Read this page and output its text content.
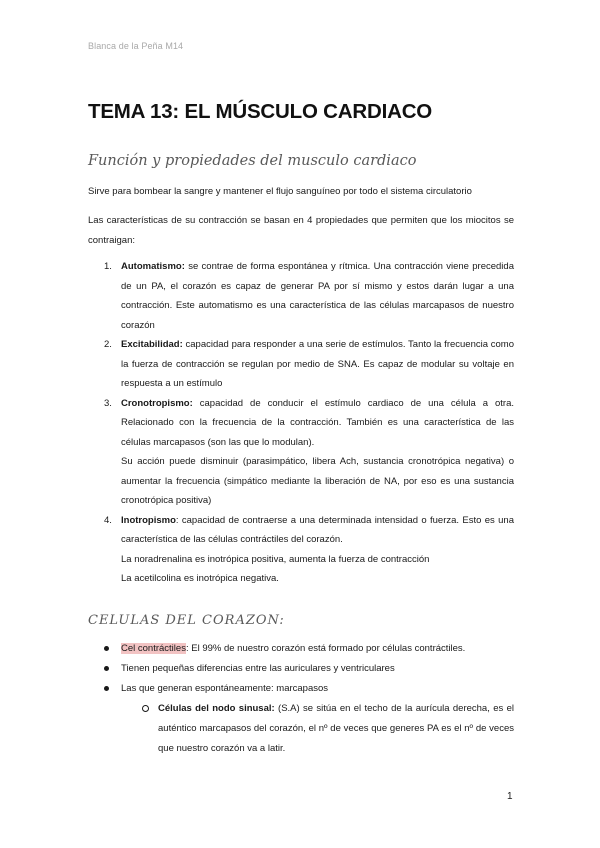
Blanca de la Peña M14
TEMA 13: EL MÚSCULO CARDIACO
Función y propiedades del musculo cardiaco
Sirve para bombear la sangre y mantener el flujo sanguíneo por todo el sistema circulatorio
Las características de su contracción se basan en 4 propiedades que permiten que los miocitos se contraigan:
1. Automatismo: se contrae de forma espontánea y rítmica. Una contracción viene precedida de un PA, el corazón es capaz de generar PA por sí mismo y estos darán lugar a una contracción. Este automatismo es una característica de las células marcapasos de nuestro corazón
2. Excitabilidad: capacidad para responder a una serie de estímulos. Tanto la frecuencia como la fuerza de contracción se regulan por medio de SNA. Es capaz de modular su voltaje en respuesta a un estímulo
3. Cronotropismo: capacidad de conducir el estímulo cardiaco de una célula a otra. Relacionado con la frecuencia de la contracción. También es una característica de las células marcapasos (son las que lo modulan).
Su acción puede disminuir (parasimpático, libera Ach, sustancia cronotrópica negativa) o aumentar la frecuencia (simpático mediante la liberación de NA, por eso es una sustancia cronotrópica positiva)
4. Inotropismo: capacidad de contraerse a una determinada intensidad o fuerza. Esto es una característica de las células contráctiles del corazón.
La noradrenalina es inotrópica positiva, aumenta la fuerza de contracción
La acetilcolina es inotrópica negativa.
CELULAS DEL CORAZON:
Cel contráctiles: El 99% de nuestro corazón está formado por células contráctiles.
Tienen pequeñas diferencias entre las auriculares y ventriculares
Las que generan espontáneamente: marcapasos
Células del nodo sinusal: (S.A) se sitúa en el techo de la aurícula derecha, es el auténtico marcapasos del corazón, el nº de veces que generes PA es el nº de veces que nuestro corazón va a latir.
1
